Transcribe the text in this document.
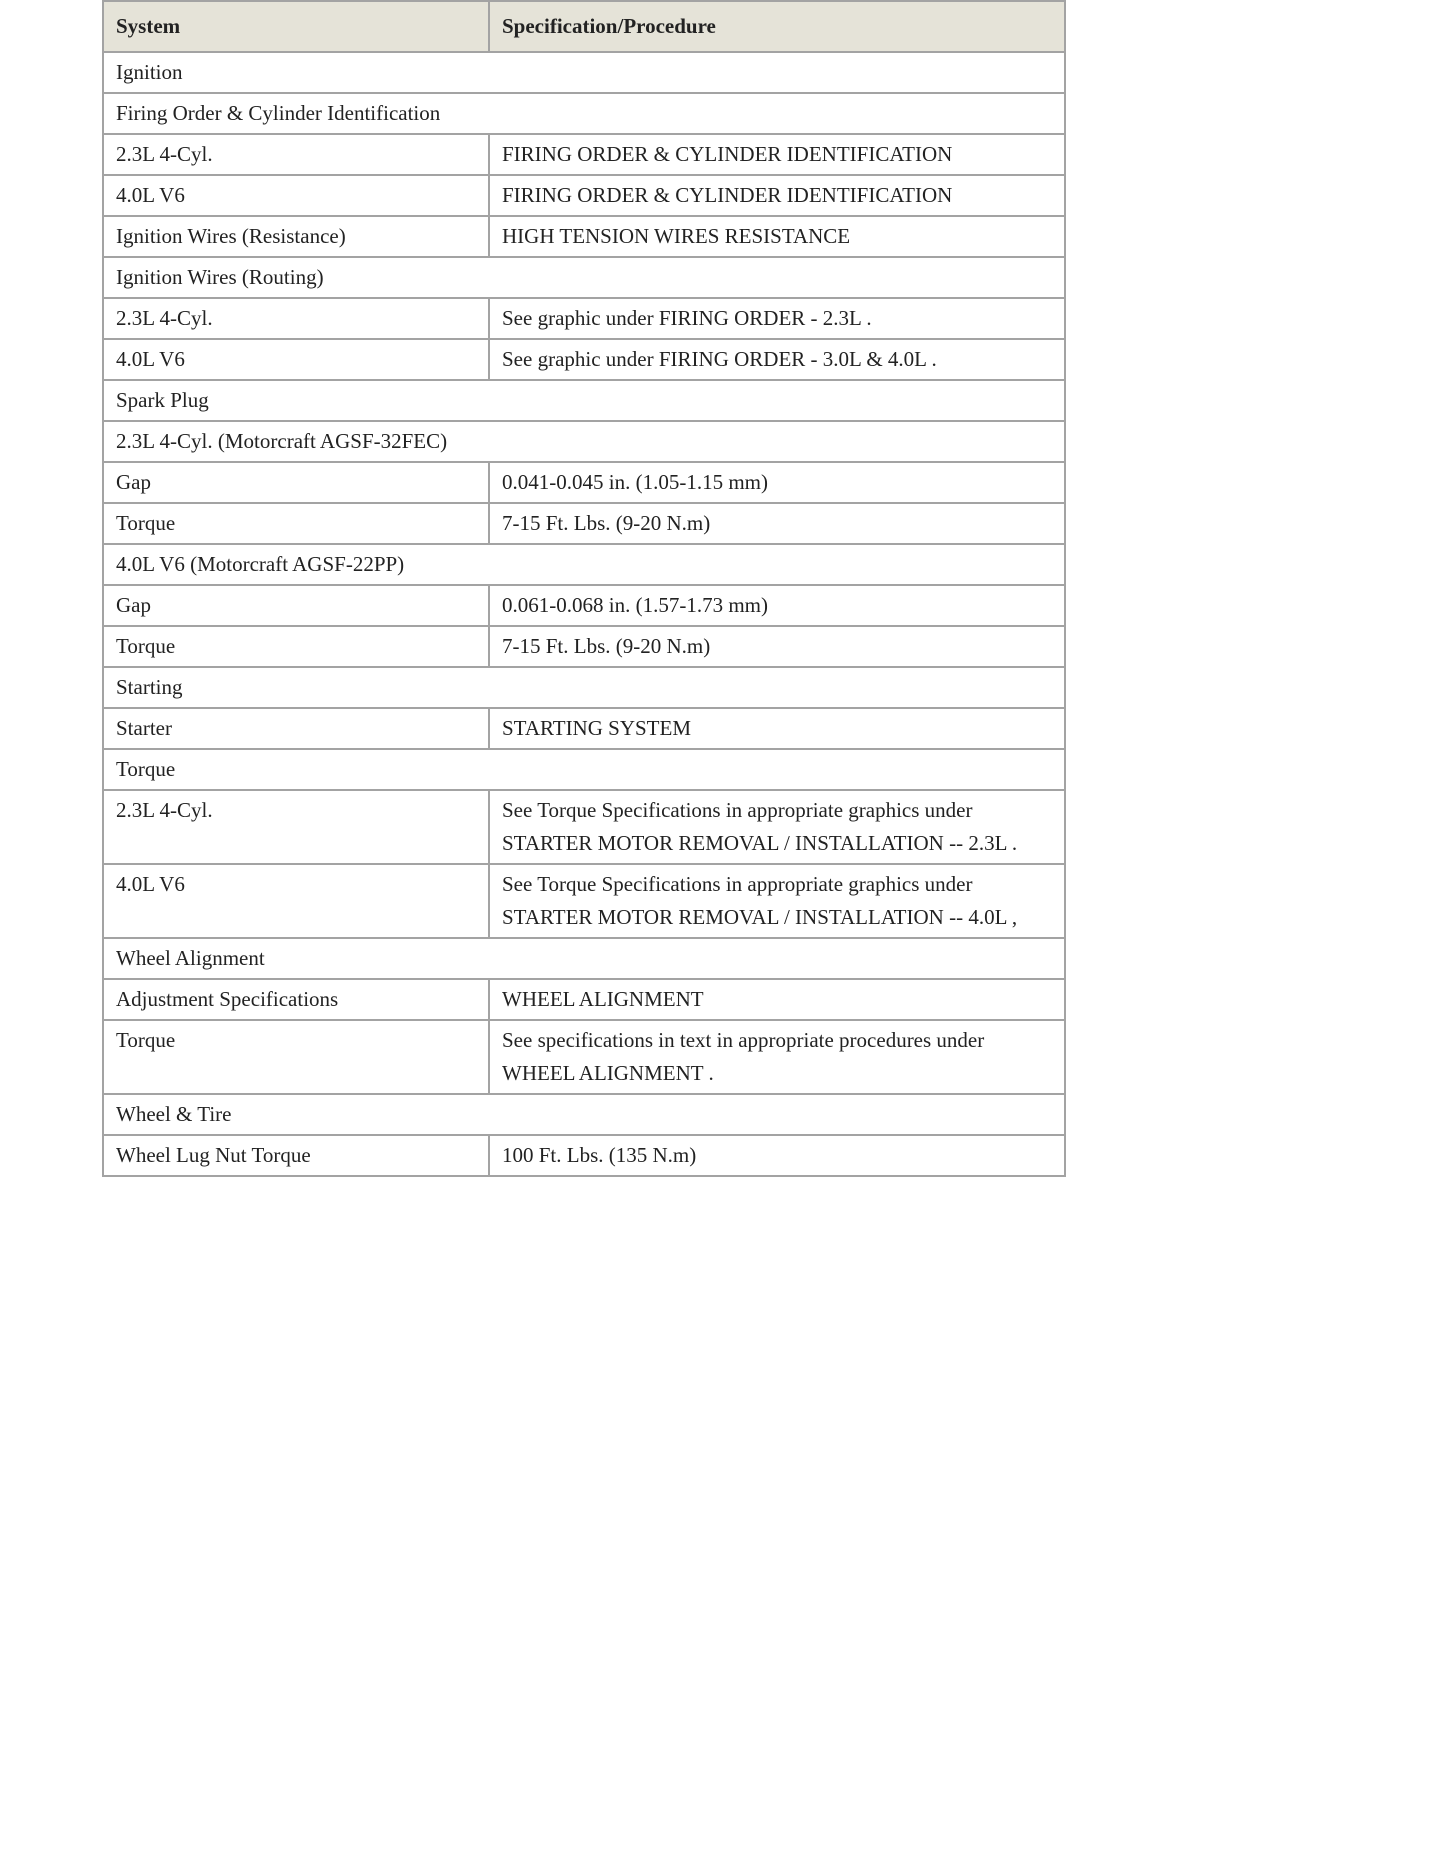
System	Specification/Procedure
Ignition	
Firing Order & Cylinder Identification	
2.3L 4-Cyl.	FIRING ORDER & CYLINDER IDENTIFICATION
4.0L V6	FIRING ORDER & CYLINDER IDENTIFICATION
Ignition Wires (Resistance)	HIGH TENSION WIRES RESISTANCE
Ignition Wires (Routing)	
2.3L 4-Cyl.	See graphic under FIRING ORDER - 2.3L .
4.0L V6	See graphic under FIRING ORDER - 3.0L & 4.0L .
Spark Plug	
2.3L 4-Cyl. (Motorcraft AGSF-32FEC)	
Gap	0.041-0.045 in. (1.05-1.15 mm)
Torque	7-15 Ft. Lbs. (9-20 N.m)
4.0L V6 (Motorcraft AGSF-22PP)	
Gap	0.061-0.068 in. (1.57-1.73 mm)
Torque	7-15 Ft. Lbs. (9-20 N.m)
Starting	
Starter	STARTING SYSTEM
Torque	
2.3L 4-Cyl.	See Torque Specifications in appropriate graphics under STARTER MOTOR REMOVAL / INSTALLATION -- 2.3L .
4.0L V6	See Torque Specifications in appropriate graphics under STARTER MOTOR REMOVAL / INSTALLATION -- 4.0L ,
Wheel Alignment	
Adjustment Specifications	WHEEL ALIGNMENT
Torque	See specifications in text in appropriate procedures under WHEEL ALIGNMENT .
Wheel & Tire	
Wheel Lug Nut Torque	100 Ft. Lbs. (135 N.m)
